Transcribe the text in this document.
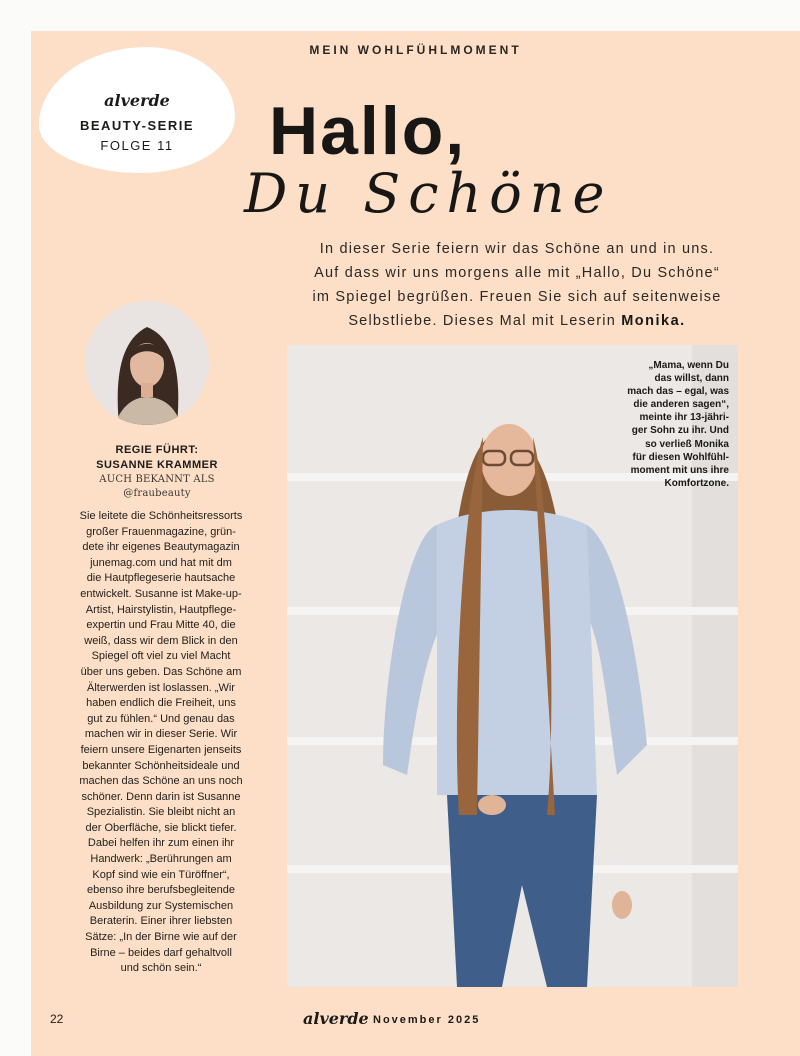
MEIN WOHLFÜHLMOMENT
alverde
BEAUTY-SERIE
FOLGE 11	Hallo,
Du Schöne
In dieser Serie feiern wir das Schöne an und in uns.
Auf dass wir uns morgens alle mit „Hallo, Du Schöne“
im Spiegel begrüßen. Freuen Sie sich auf seitenweise
Selbstliebe. Dieses Mal mit Leserin Monika.
REGIE FÜHRT:
SUSANNE KRAMMER
AUCH BEKANNT ALS
@fraubeauty
Sie leitete die Schönheitsressorts
großer Frauenmagazine, grün-
dete ihr eigenes Beautymagazin
junemag.com und hat mit dm
die Hautpflegeserie hautsache
entwickelt. Susanne ist Make-up-
Artist, Hairstylistin, Hautpflege-
expertin und Frau Mitte 40, die
weiß, dass wir dem Blick in den
Spiegel oft viel zu viel Macht
über uns geben. Das Schöne am
Älterwerden ist loslassen. „Wir
haben endlich die Freiheit, uns
gut zu fühlen.“ Und genau das
machen wir in dieser Serie. Wir
feiern unsere Eigenarten jenseits
bekannter Schönheitsideale und
machen das Schöne an uns noch
schöner. Denn darin ist Susanne
Spezialistin. Sie bleibt nicht an
der Oberfläche, sie blickt tiefer.
Dabei helfen ihr zum einen ihr
Handwerk: „Berührungen am
Kopf sind wie ein Türöffner“,
ebenso ihre berufsbegleitende
Ausbildung zur Systemischen
Beraterin. Einer ihrer liebsten
Sätze: „In der Birne wie auf der
Birne – beides darf gehaltvoll
und schön sein.“
„Mama, wenn Du
das willst, dann
mach das – egal, was
die anderen sagen“,
meinte ihr 13-jähri-
ger Sohn zu ihr. Und
so verließ Monika
für diesen Wohlfühl-
moment mit uns ihre
Komfortzone.
22	alverde November 2025
